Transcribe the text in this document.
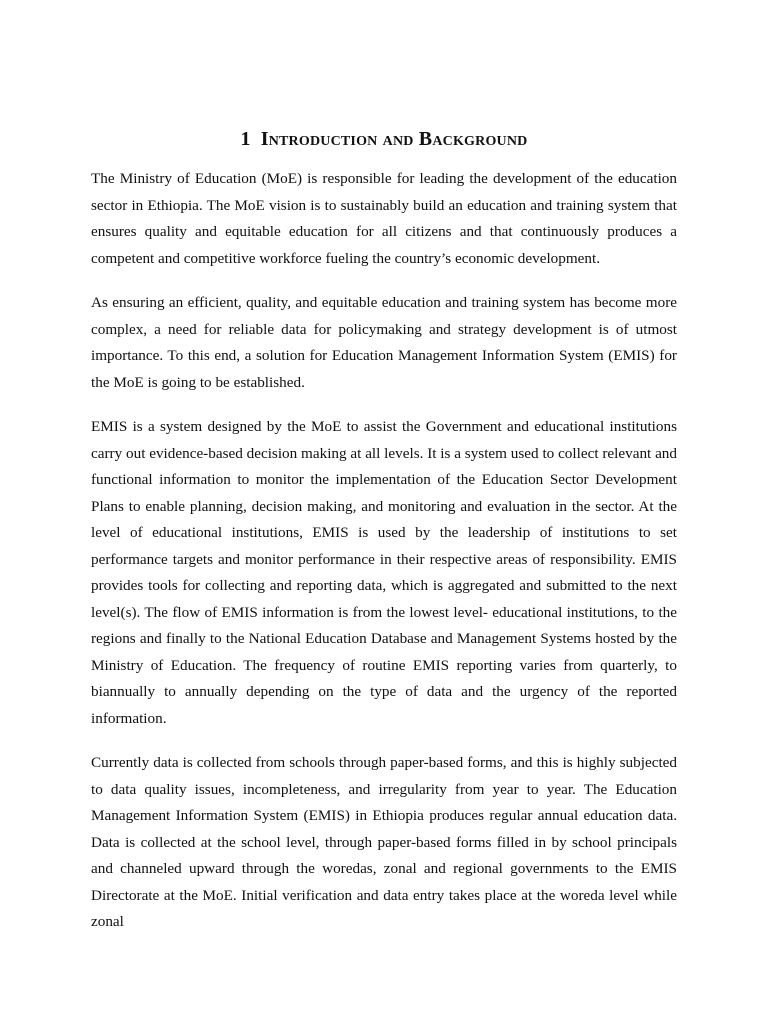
1 Introduction and Background

The Ministry of Education (MoE) is responsible for leading the development of the education sector in Ethiopia. The MoE vision is to sustainably build an education and training system that ensures quality and equitable education for all citizens and that continuously produces a competent and competitive workforce fueling the country’s economic development.

As ensuring an efficient, quality, and equitable education and training system has become more complex, a need for reliable data for policymaking and strategy development is of utmost importance. To this end, a solution for Education Management Information System (EMIS) for the MoE is going to be established.

EMIS is a system designed by the MoE to assist the Government and educational institutions carry out evidence-based decision making at all levels. It is a system used to collect relevant and functional information to monitor the implementation of the Education Sector Development Plans to enable planning, decision making, and monitoring and evaluation in the sector. At the level of educational institutions, EMIS is used by the leadership of institutions to set performance targets and monitor performance in their respective areas of responsibility. EMIS provides tools for collecting and reporting data, which is aggregated and submitted to the next level(s). The flow of EMIS information is from the lowest level- educational institutions, to the regions and finally to the National Education Database and Management Systems hosted by the Ministry of Education. The frequency of routine EMIS reporting varies from quarterly, to biannually to annually depending on the type of data and the urgency of the reported information.

Currently data is collected from schools through paper-based forms, and this is highly subjected to data quality issues, incompleteness, and irregularity from year to year. The Education Management Information System (EMIS) in Ethiopia produces regular annual education data. Data is collected at the school level, through paper-based forms filled in by school principals and channeled upward through the woredas, zonal and regional governments to the EMIS Directorate at the MoE. Initial verification and data entry takes place at the woreda level while zonal
